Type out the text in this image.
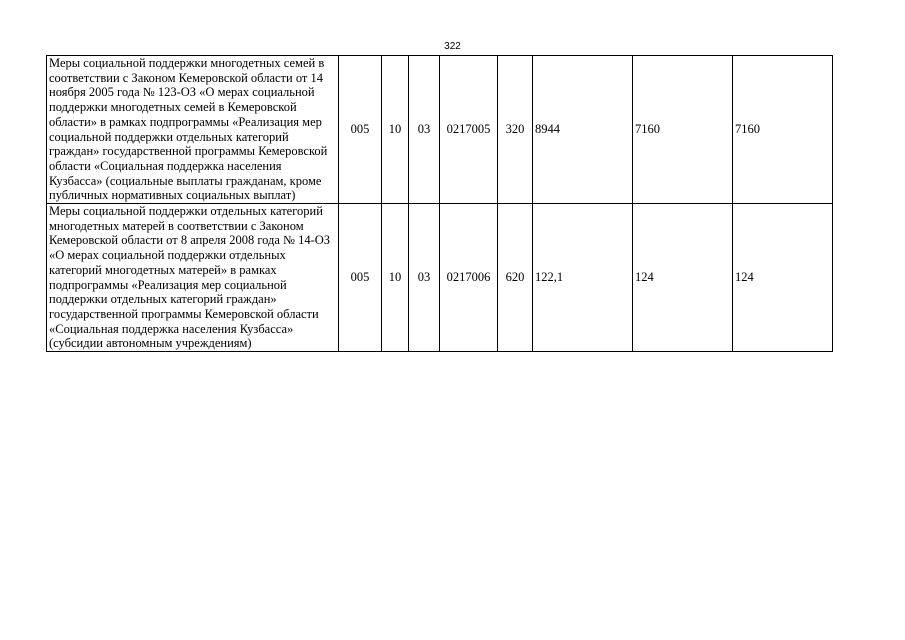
322
Меры социальной поддержки многодетных семей в соответствии с Законом Кемеровской области от 14 ноября 2005 года № 123-ОЗ «О мерах социальной поддержки многодетных семей в Кемеровской области» в рамках подпрограммы «Реализация мер социальной поддержки отдельных категорий граждан» государственной программы Кемеровской области «Социальная поддержка населения Кузбасса» (социальные выплаты гражданам, кроме публичных нормативных социальных выплат)	005	10	03	0217005	320	8944	7160	7160
Меры социальной поддержки отдельных категорий многодетных матерей в соответствии с Законом Кемеровской области от 8 апреля 2008 года № 14-ОЗ «О мерах социальной поддержки отдельных категорий многодетных матерей» в рамках подпрограммы «Реализация мер социальной поддержки отдельных категорий граждан» государственной программы Кемеровской области «Социальная поддержка населения Кузбасса» (субсидии автономным учреждениям)	005	10	03	0217006	620	122,1	124	124
